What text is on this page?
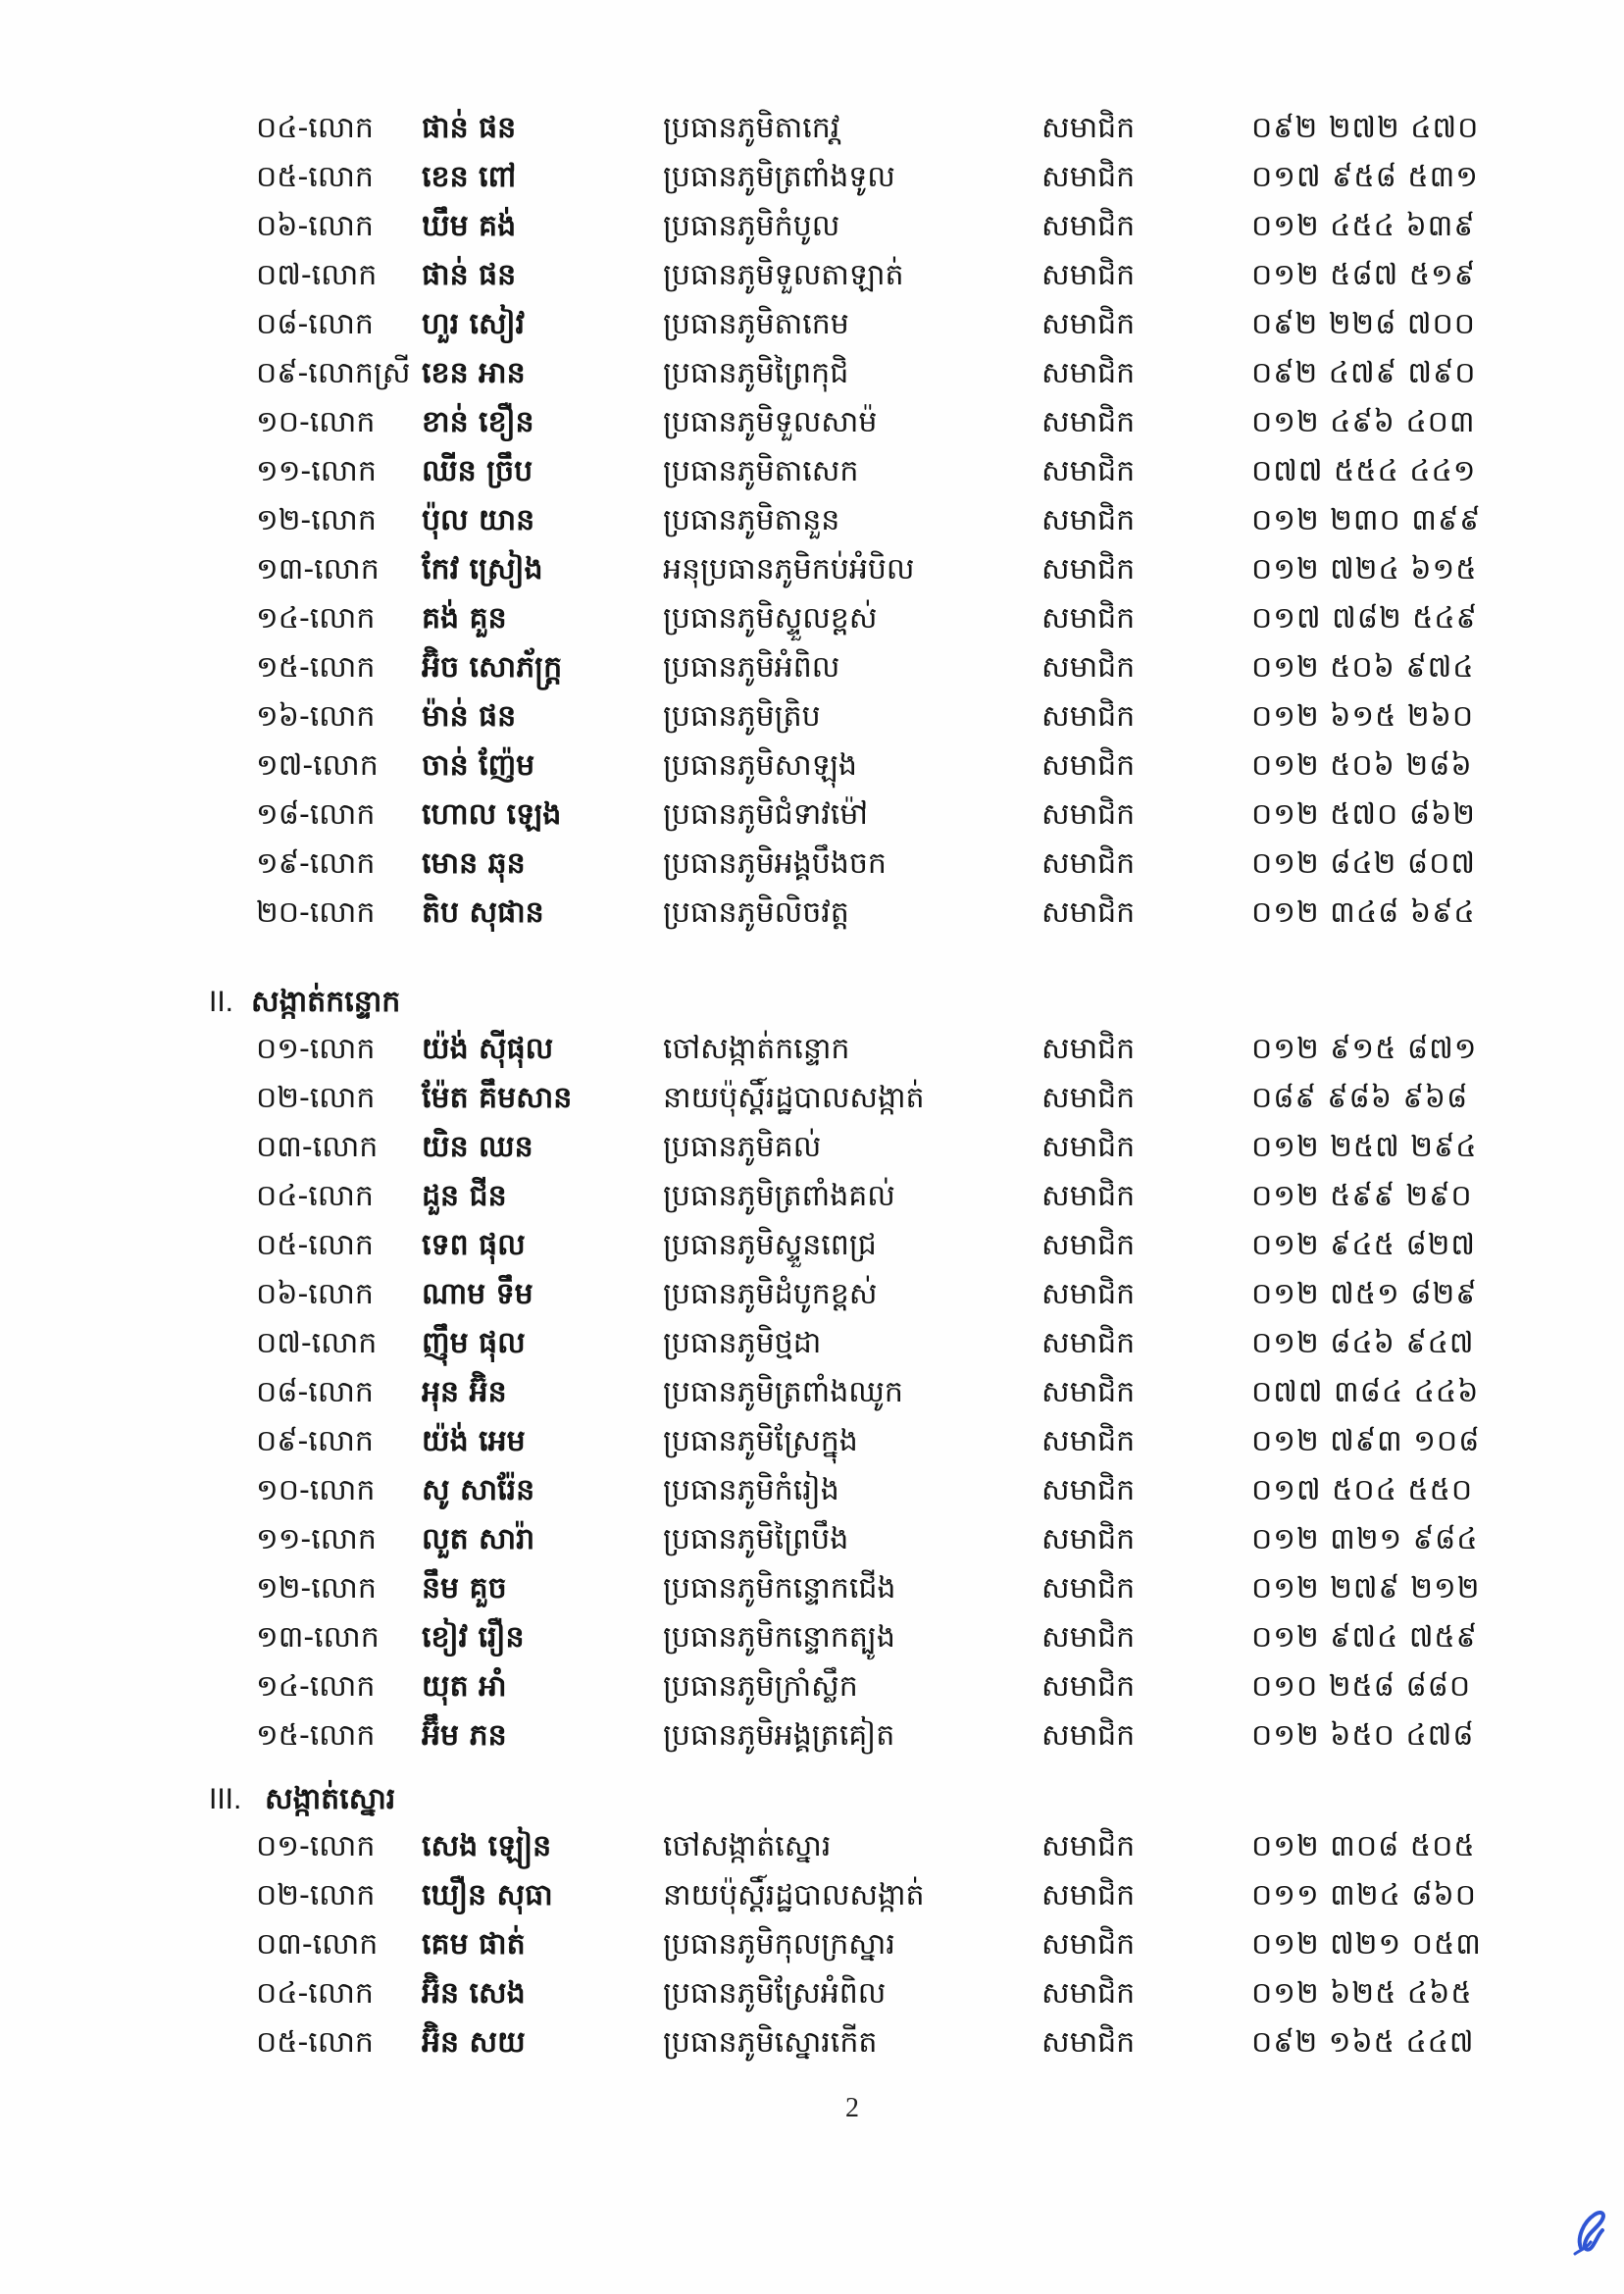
០៤-លោក ផាន់ ផន	ប្រធានភូមិតាកេវ្ត	សមាជិក	០៩២ ២៧២ ៤៧០
០៥-លោក ខេន ពៅ	ប្រធានភូមិត្រពាំងទូល	សមាជិក	០១៧ ៩៥៨ ៥៣១
០៦-លោក ឃឹម គង់	ប្រធានភូមិកំបូល	សមាជិក	០១២ ៤៥៤ ៦៣៩
០៧-លោក ផាន់ ផន	ប្រធានភូមិទួលតាឡាត់	សមាជិក	០១២ ៥៨៧ ៥១៩
០៨-លោក ហួរ សៀវ	ប្រធានភូមិតាកេម	សមាជិក	០៩២ ២២៨ ៧០០
០៩-លោកស្រី ខេន អាន	ប្រធានភូមិព្រៃកុជិ	សមាជិក	០៩២ ៤៧៩ ៧៩០
១០-លោក ខាន់ ខឿន	ប្រធានភូមិទួលសាម៉	សមាជិក	០១២ ៤៩៦ ៤០៣
១១-លោក ឈីន ច្រឹប	ប្រធានភូមិតាសេក	សមាជិក	០៧៧ ៥៥៤ ៤៤១
១២-លោក ប៉ុល យាន	ប្រធានភូមិតានួន	សមាជិក	០១២ ២៣០ ៣៩៩
១៣-លោក កែវ ស្រៀង	អនុប្រធានភូមិកប់អំបិល	សមាជិក	០១២ ៧២៤ ៦១៥
១៤-លោក គង់ គួន	ប្រធានភូមិស្ទួលខ្ពស់	សមាជិក	០១៧ ៧៨២ ៥៤៩
១៥-លោក អ៊ិច សោភ័ក្ត្រ	ប្រធានភូមិអំពិល	សមាជិក	០១២ ៥០៦ ៩៧៤
១៦-លោក ម៉ាន់ ផន	ប្រធានភូមិត្រិប	សមាជិក	០១២ ៦១៥ ២៦០
១៧-លោក ចាន់ ញ៉ែម	ប្រធានភូមិសាឡុង	សមាជិក	០១២ ៥០៦ ២៨៦
១៨-លោក ហោល ឡេង	ប្រធានភូមិជំទាវម៉ៅ	សមាជិក	០១២ ៥៧០ ៨៦២
១៩-លោក មោន ឆុន	ប្រធានភូមិអង្គបឹងចក	សមាជិក	០១២ ៨៤២ ៨០៧
២០-លោក តិប សុផាន	ប្រធានភូមិលិចវត្ត	សមាជិក	០១២ ៣៤៨ ៦៩៤
II. សង្កាត់កន្ទោក
០១-លោក យ៉ង់ ស៊ីផុល	ចៅសង្កាត់កន្ទោក	សមាជិក	០១២ ៩១៥ ៨៧១
០២-លោក ម៉ែត គឹមសាន	នាយប៉ុស្ដិ៍រដ្ឋបាលសង្កាត់	សមាជិក	០៨៩ ៩៨៦ ៩៦៨
០៣-លោក យិន ឈន	ប្រធានភូមិគល់	សមាជិក	០១២ ២៥៧ ២៩៤
០៤-លោក ដួន ជីន	ប្រធានភូមិត្រពាំងគល់	សមាជិក	០១២ ៥៩៩ ២៩០
០៥-លោក ទេព ផុល	ប្រធានភូមិស្ទួនពេជ្រ	សមាជិក	០១២ ៩៤៥ ៨២៧
០៦-លោក ណាម ទឹម	ប្រធានភូមិដំបូកខ្ពស់	សមាជិក	០១២ ៧៥១ ៨២៩
០៧-លោក ញ៉ឹម ផុល	ប្រធានភូមិថ្មដា	សមាជិក	០១២ ៨៤៦ ៩៤៧
០៨-លោក អុន អ៊ិន	ប្រធានភូមិត្រពាំងឈូក	សមាជិក	០៧៧ ៣៨៤ ៤៤៦
០៩-លោក យ៉ង់ អេម	ប្រធានភូមិស្រែក្នុង	សមាជិក	០១២ ៧៩៣ ១០៨
១០-លោក សូ សារ៉ែន	ប្រធានភូមិកំរៀង	សមាជិក	០១៧ ៥០៤ ៥៥០
១១-លោក លួត សារ៉ា	ប្រធានភូមិព្រៃបឹង	សមាជិក	០១២ ៣២១ ៩៨៤
១២-លោក នឹម គួច	ប្រធានភូមិកន្ទោកជើង	សមាជិក	០១២ ២៧៩ ២១២
១៣-លោក ខៀវ រឿន	ប្រធានភូមិកន្ទោកត្បូង	សមាជិក	០១២ ៩៧៤ ៧៥៩
១៤-លោក យុត អាំ	ប្រធានភូមិក្រាំស្លឹក	សមាជិក	០១០ ២៥៨ ៨៨០
១៥-លោក អ៊ឹម ភន	ប្រធានភូមិអង្គត្រគៀត	សមាជិក	០១២ ៦៥០ ៤៧៨
III. សង្កាត់ស្នោរ
០១-លោក សេង ឡៀន	ចៅសង្កាត់ស្នោរ	សមាជិក	០១២ ៣០៨ ៥០៥
០២-លោក ឃឿន សុធា	នាយប៉ុស្ដិ៍រដ្ឋបាលសង្កាត់	សមាជិក	០១១ ៣២៤ ៨៦០
០៣-លោក គេម ផាត់	ប្រធានភូមិកុលក្រស្នារ	សមាជិក	០១២ ៧២១ ០៥៣
០៤-លោក អ៊ិន សេង	ប្រធានភូមិស្រែអំពិល	សមាជិក	០១២ ៦២៥ ៤៦៥
០៥-លោក អ៊ិន សយ	ប្រធានភូមិស្នោរកើត	សមាជិក	០៩២ ១៦៥ ៤៤៧
2
